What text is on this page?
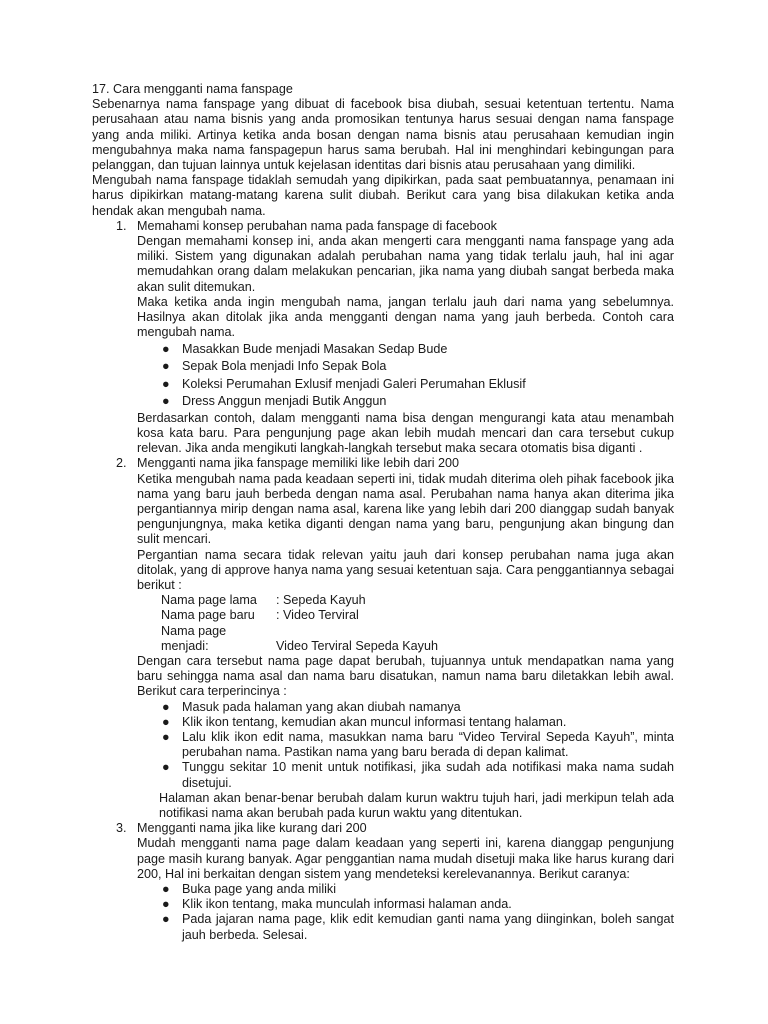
17. Cara mengganti nama fanspage

Sebenarnya nama fanspage yang dibuat di facebook bisa diubah, sesuai ketentuan tertentu. Nama perusahaan atau nama bisnis yang anda promosikan tentunya harus sesuai dengan nama fanspage yang anda miliki. Artinya ketika anda bosan dengan nama bisnis atau perusahaan kemudian ingin mengubahnya maka nama fanspagepun harus sama berubah. Hal ini menghindari kebingungan para pelanggan, dan tujuan lainnya untuk kejelasan identitas dari bisnis atau perusahaan yang dimiliki.

Mengubah nama fanspage tidaklah semudah yang dipikirkan, pada saat pembuatannya, penamaan ini harus dipikirkan matang-matang karena sulit diubah. Berikut cara yang bisa dilakukan ketika anda hendak akan mengubah nama.

1. Memahami konsep perubahan nama pada fanspage di facebook

Dengan memahami konsep ini, anda akan mengerti cara mengganti nama fanspage yang ada miliki. Sistem yang digunakan adalah perubahan nama yang tidak terlalu jauh, hal ini agar memudahkan orang dalam melakukan pencarian, jika nama yang diubah sangat berbeda maka akan sulit ditemukan.

Maka ketika anda ingin mengubah nama, jangan terlalu jauh dari nama yang sebelumnya. Hasilnya akan ditolak jika anda mengganti dengan nama yang jauh berbeda. Contoh cara mengubah nama.

● Masakkan Bude menjadi Masakan Sedap Bude
● Sepak Bola menjadi Info Sepak Bola
● Koleksi Perumahan Exlusif menjadi Galeri Perumahan Eklusif
● Dress Anggun menjadi Butik Anggun

Berdasarkan contoh, dalam mengganti nama bisa dengan mengurangi kata atau menambah kosa kata baru. Para pengunjung page akan lebih mudah mencari dan cara tersebut cukup relevan. Jika anda mengikuti langkah-langkah tersebut maka secara otomatis bisa diganti .

2. Mengganti nama jika fanspage memiliki like lebih dari 200

Ketika mengubah nama pada keadaan seperti ini, tidak mudah diterima oleh pihak facebook jika nama yang baru jauh berbeda dengan nama asal. Perubahan nama hanya akan diterima jika pergantiannya mirip dengan nama asal, karena like yang lebih dari 200 dianggap sudah banyak pengunjungnya, maka ketika diganti dengan nama yang baru, pengunjung akan bingung dan sulit mencari.

Pergantian nama secara tidak relevan yaitu jauh dari konsep perubahan nama juga akan ditolak, yang di approve hanya nama yang sesuai ketentuan saja. Cara penggantiannya sebagai berikut :

Nama page lama : Sepeda Kayuh
Nama page baru : Video Terviral
Nama page menjadi:	Video Terviral Sepeda Kayuh

Dengan cara tersebut nama page dapat berubah, tujuannya untuk mendapatkan nama yang baru sehingga nama asal dan nama baru disatukan, namun nama baru diletakkan lebih awal. Berikut cara terperincinya :

● Masuk pada halaman yang akan diubah namanya
● Klik ikon tentang, kemudian akan muncul informasi tentang halaman.
● Lalu klik ikon edit nama, masukkan nama baru “Video Terviral Sepeda Kayuh”, minta perubahan nama. Pastikan nama yang baru berada di depan kalimat.
● Tunggu sekitar 10 menit untuk notifikasi, jika sudah ada notifikasi maka nama sudah disetujui.

Halaman akan benar-benar berubah dalam kurun waktru tujuh hari, jadi merkipun telah ada notifikasi nama akan berubah pada kurun waktu yang ditentukan.

3. Mengganti nama jika like kurang dari 200

Mudah mengganti nama page dalam keadaan yang seperti ini, karena dianggap pengunjung page masih kurang banyak. Agar penggantian nama mudah disetuji maka like harus kurang dari 200, Hal ini berkaitan dengan sistem yang mendeteksi kerelevanannya. Berikut caranya:

● Buka page yang anda miliki
● Klik ikon tentang, maka munculah informasi halaman anda.
● Pada jajaran nama page, klik edit kemudian ganti nama yang diinginkan, boleh sangat jauh berbeda. Selesai.
